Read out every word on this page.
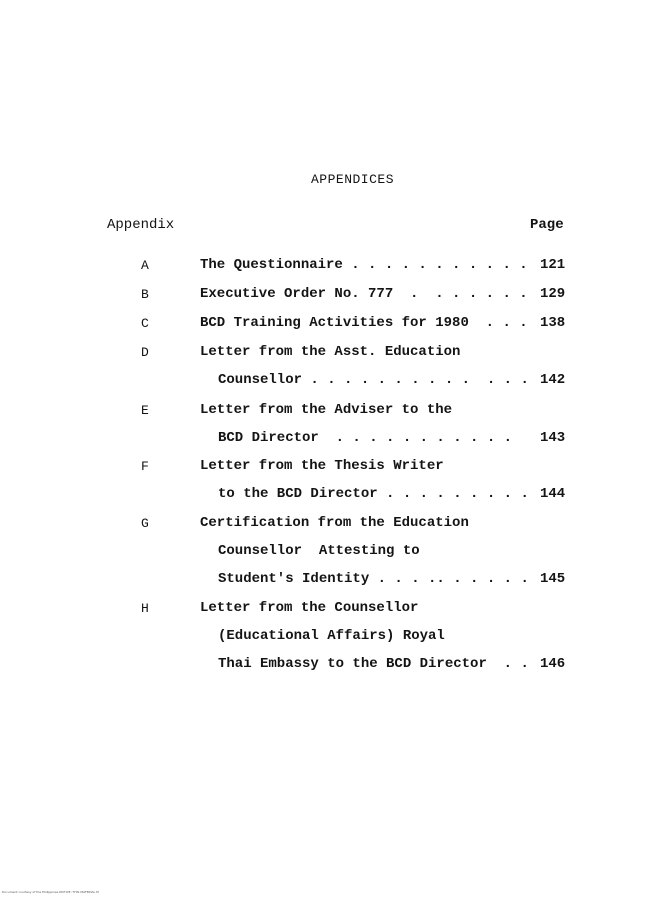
APPENDICES
Appendix	Page
A	The Questionnaire . . . . . . . . . . . 121
B	Executive Order No. 777  .  . . . . . . 129
C	BCD Training Activities for 1980  . . . 138
D	Letter from the Asst. Education
Counsellor . . . . . . . . . .  . . . 142
E	Letter from the Adviser to the
BCD Director  . . . . . . . . . . . 143
F	Letter from the Thesis Writer
to the BCD Director . . . . . . . . . 144
G	Certification from the Education
Counsellor  Attesting to
Student's Identity . . . .. . . . . . 145
H	Letter from the Counsellor
(Educational Affairs) Royal
Thai Embassy to the BCD Director  . . 146
Document courtesy of the Philippines NOTICE: THIS MATERIAL M
